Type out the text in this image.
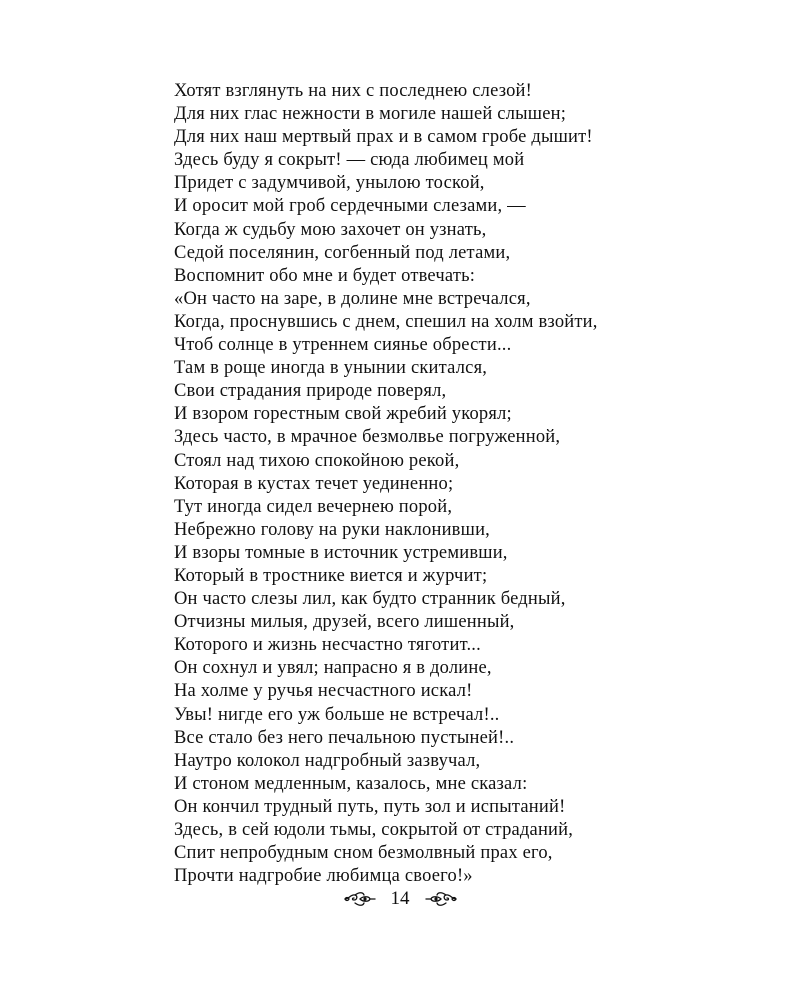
Хотят взглянуть на них с последнею слезой!
Для них глас нежности в могиле нашей слышен;
Для них наш мертвый прах и в самом гробе дышит!
Здесь буду я сокрыт! — сюда любимец мой
Придет с задумчивой, унылою тоской,
И оросит мой гроб сердечными слезами, —
Когда ж судьбу мою захочет он узнать,
Седой поселянин, согбенный под летами,
Воспомнит обо мне и будет отвечать:
«Он часто на заре, в долине мне встречался,
Когда, проснувшись с днем, спешил на холм взойти,
Чтоб солнце в утреннем сиянье обрести...
Там в роще иногда в унынии скитался,
Свои страдания природе поверял,
И взором горестным свой жребий укорял;
Здесь часто, в мрачное безмолвье погруженной,
Стоял над тихою спокойною рекой,
Которая в кустах течет уединенно;
Тут иногда сидел вечернею порой,
Небрежно голову на руки наклонивши,
И взоры томные в источник устремивши,
Который в тростнике виется и журчит;
Он часто слезы лил, как будто странник бедный,
Отчизны милыя, друзей, всего лишенный,
Которого и жизнь несчастно тяготит...
Он сохнул и увял; напрасно я в долине,
На холме у ручья несчастного искал!
Увы! нигде его уж больше не встречал!..
Все стало без него печальною пустыней!..
Наутро колокол надгробный зазвучал,
И стоном медленным, казалось, мне сказал:
Он кончил трудный путь, путь зол и испытаний!
Здесь, в сей юдоли тьмы, сокрытой от страданий,
Спит непробудным сном безмолвный прах его,
Прочти надгробие любимца своего!»
14
